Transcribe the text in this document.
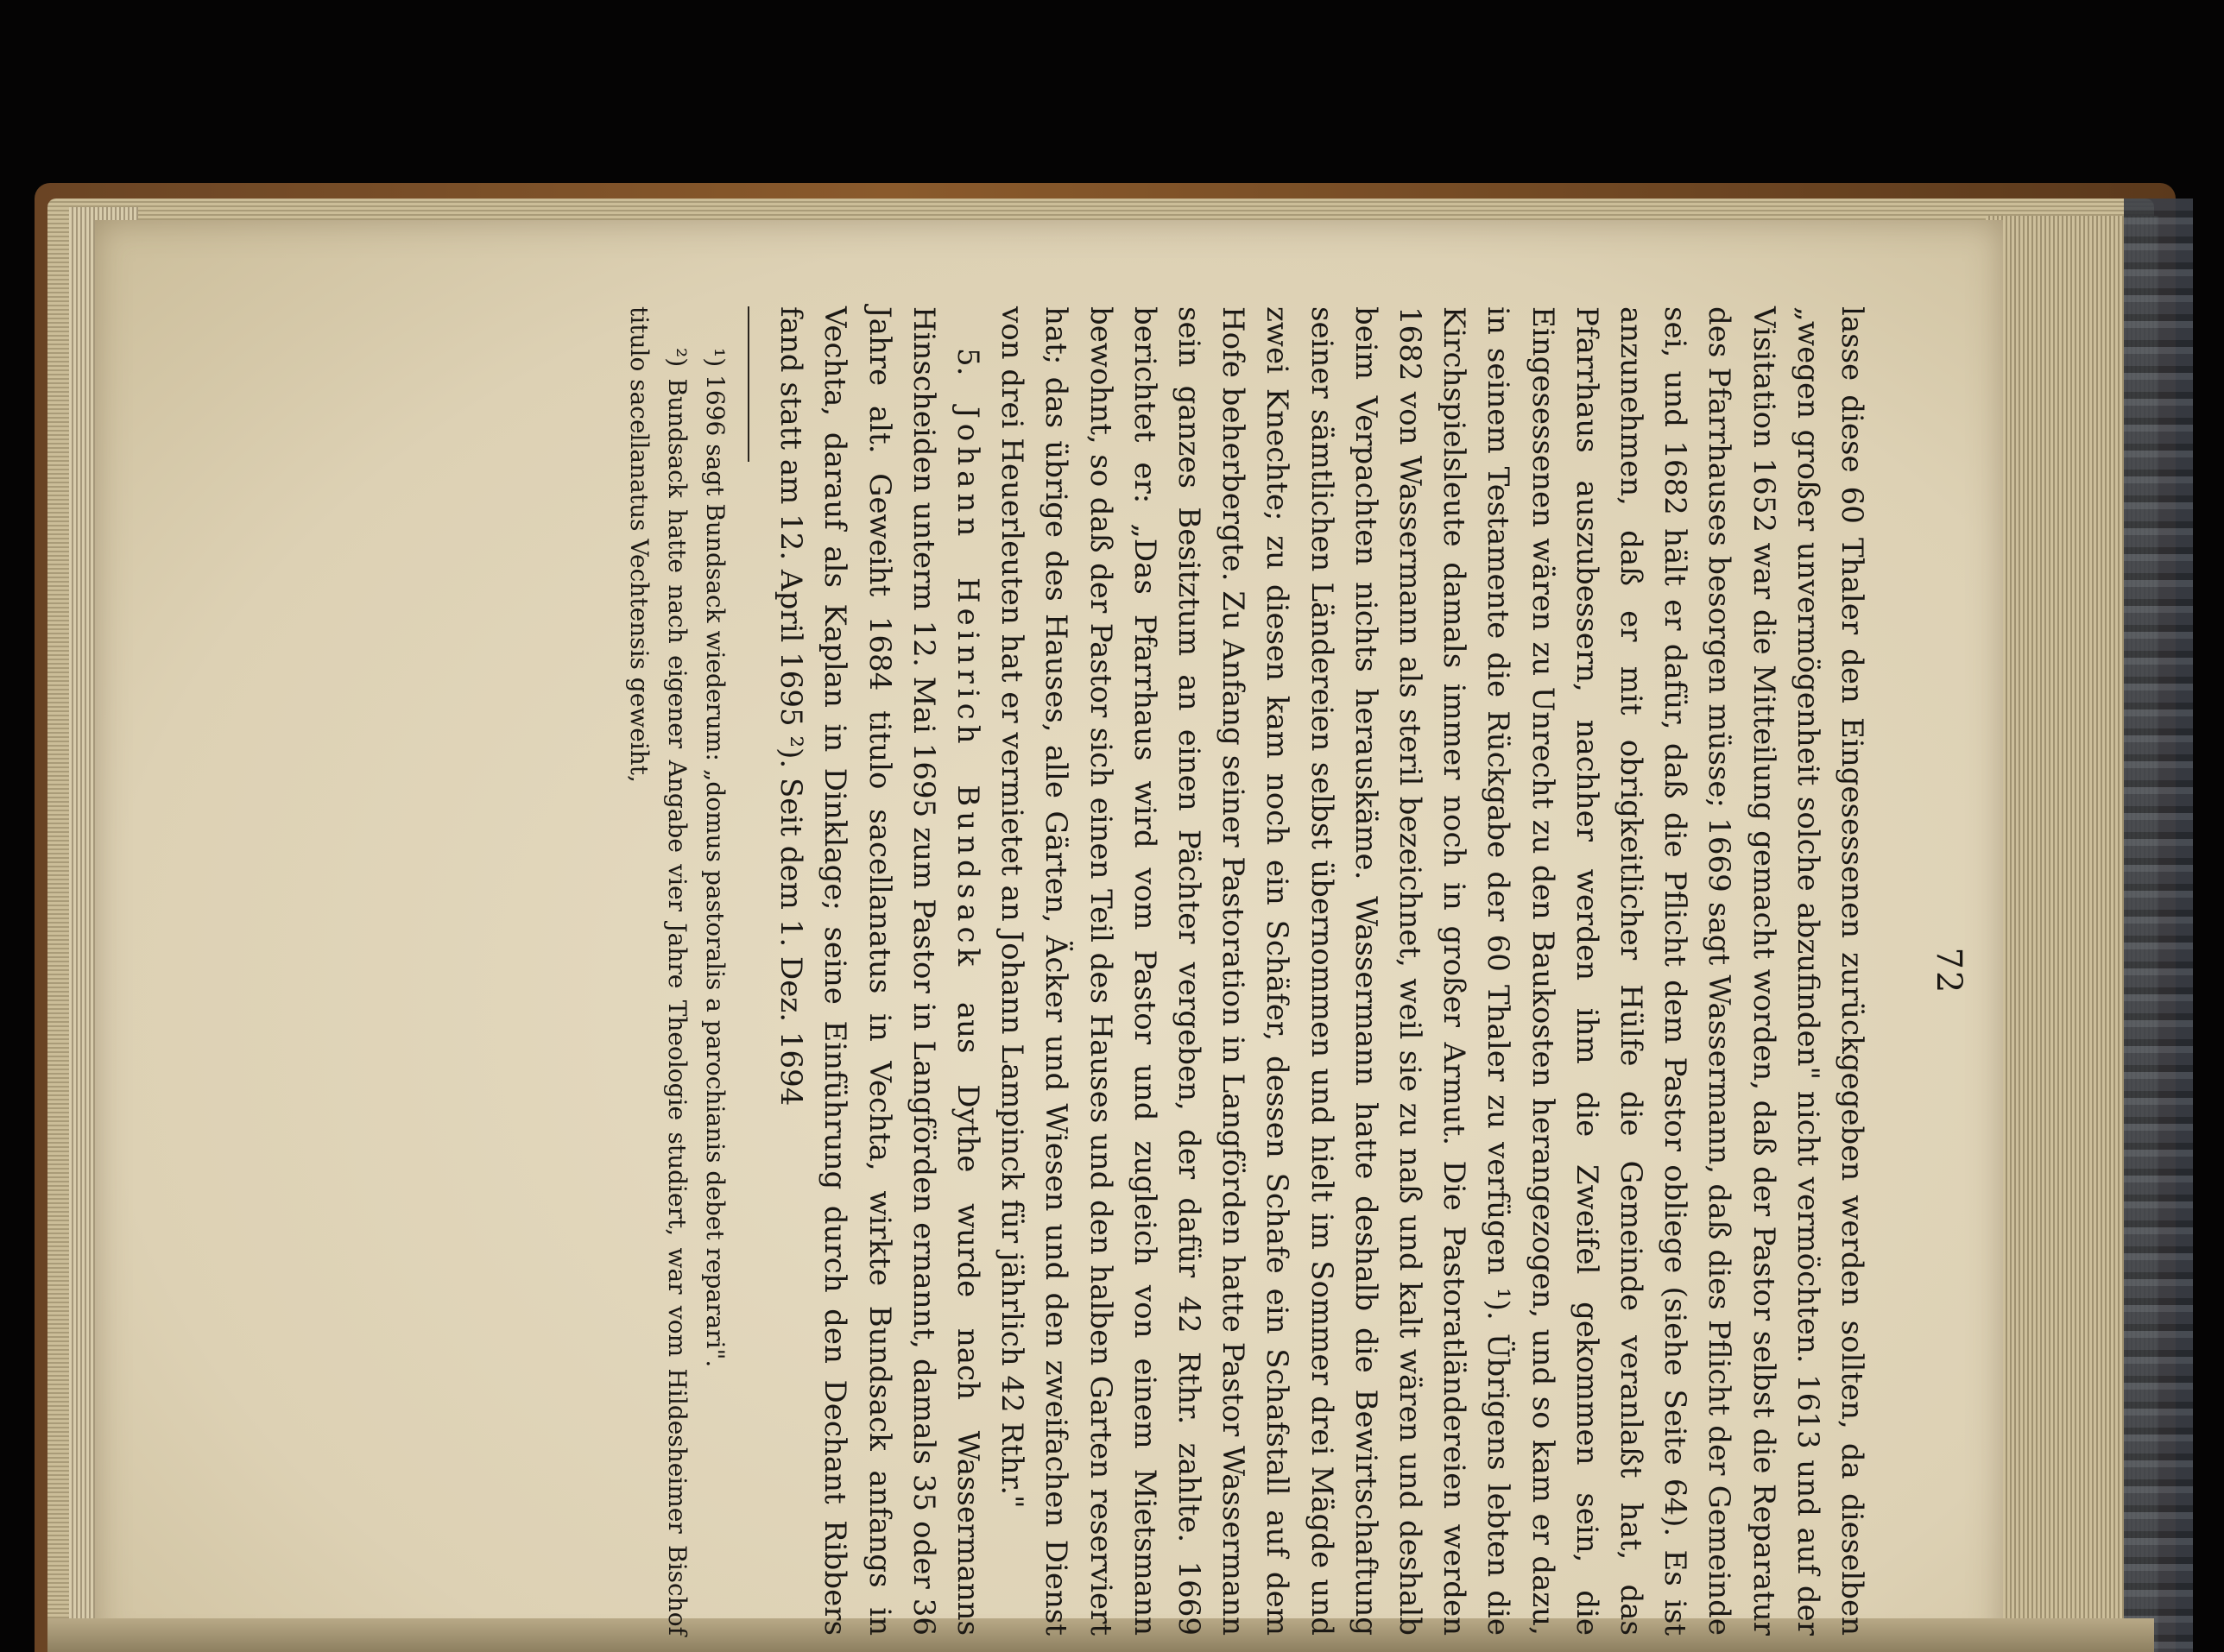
72

lasse diese 60 Thaler den Eingesessenen zurückgegeben werden sollten, da dieselben „wegen großer unvermögenheit solche abzufinden" nicht vermöchten. 1613 und auf der Visitation 1652 war die Mitteilung gemacht worden, daß der Pastor selbst die Reparatur des Pfarrhauses besorgen müsse; 1669 sagt Wassermann, daß dies Pflicht der Gemeinde sei, und 1682 hält er dafür, daß die Pflicht dem Pastor obliege (siehe Seite 64). Es ist anzunehmen, daß er mit obrigkeitlicher Hülfe die Gemeinde veranlaßt hat, das Pfarrhaus auszubessern, nachher werden ihm die Zweifel gekommen sein, die Eingesessenen wären zu Unrecht zu den Baukosten herangezogen, und so kam er dazu, in seinem Testamente die Rückgabe der 60 Thaler zu verfügen ¹). Übrigens lebten die Kirchspielsleute damals immer noch in großer Armut. Die Pastoratländereien werden 1682 von Wassermann als steril bezeichnet, weil sie zu naß und kalt wären und deshalb beim Verpachten nichts herauskäme. Wassermann hatte deshalb die Bewirtschaftung seiner sämtlichen Ländereien selbst übernommen und hielt im Sommer drei Mägde und zwei Knechte; zu diesen kam noch ein Schäfer, dessen Schafe ein Schafstall auf dem Hofe beherbergte. Zu Anfang seiner Pastoration in Langförden hatte Pastor Wassermann sein ganzes Besitztum an einen Pächter vergeben, der dafür 42 Rthr. zahlte. 1669 berichtet er: „Das Pfarrhaus wird vom Pastor und zugleich von einem Mietsmann bewohnt, so daß der Pastor sich einen Teil des Hauses und den halben Garten reserviert hat; das übrige des Hauses, alle Gärten, Äcker und Wiesen und den zweifachen Dienst von drei Heuerleuten hat er vermietet an Johann Lampinck für jährlich 42 Rthr."

5. Johann Heinrich Bundsack aus Dythe wurde nach Wassermanns Hinscheiden unterm 12. Mai 1695 zum Pastor in Langförden ernannt, damals 35 oder 36 Jahre alt. Geweiht 1684 titulo sacellanatus in Vechta, wirkte Bundsack anfangs in Vechta, darauf als Kaplan in Dinklage; seine Einführung durch den Dechant Ribbers fand statt am 12. April 1695 ²). Seit dem 1. Dez. 1694

¹) 1696 sagt Bundsack wiederum: „domus pastoralis a parochianis debet reparari".

²) Bundsack hatte nach eigener Angabe vier Jahre Theologie studiert, war vom Hildesheimer Bischof titulo sacellanatus Vechtensis geweiht,
